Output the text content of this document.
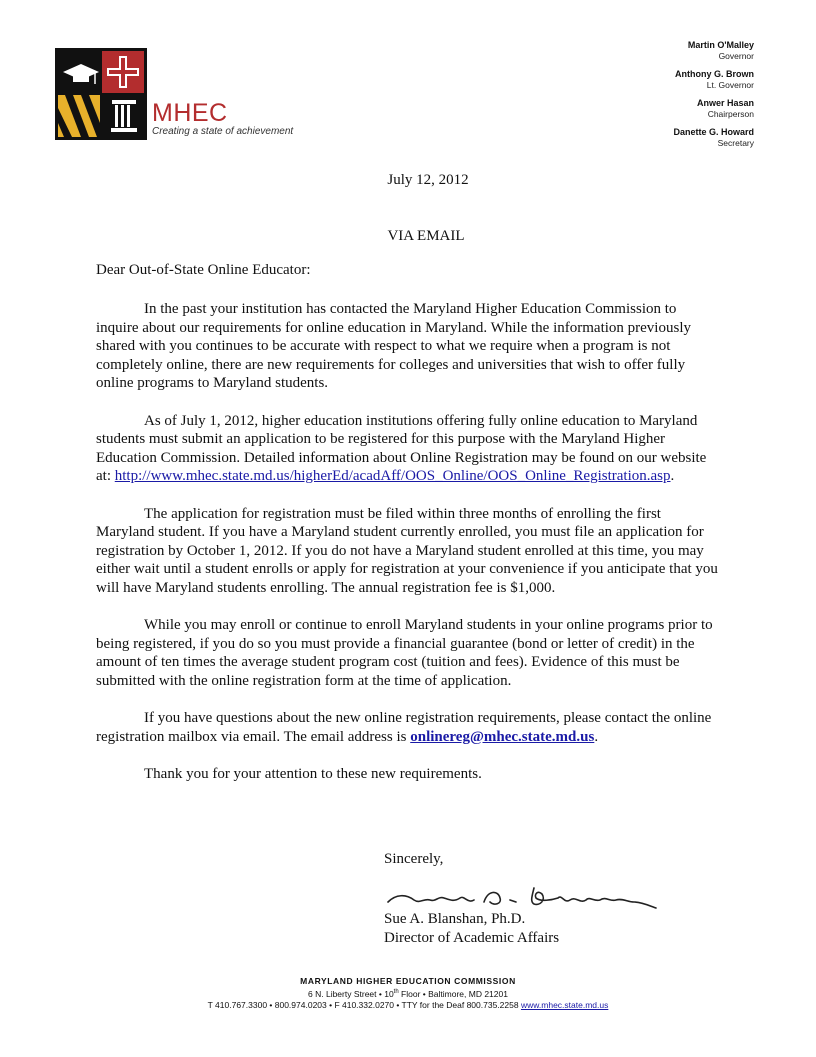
MHEC
Creating a state of achievement
Martin O'Malley
Governor
Anthony G. Brown
Lt. Governor
Anwer Hasan
Chairperson
Danette G. Howard
Secretary
July 12, 2012
VIA EMAIL
Dear Out-of-State Online Educator:

In the past your institution has contacted the Maryland Higher Education Commission to inquire about our requirements for online education in Maryland. While the information previously shared with you continues to be accurate with respect to what we require when a program is not completely online, there are new requirements for colleges and universities that wish to offer fully online programs to Maryland students.

As of July 1, 2012, higher education institutions offering fully online education to Maryland students must submit an application to be registered for this purpose with the Maryland Higher Education Commission. Detailed information about Online Registration may be found on our website at: http://www.mhec.state.md.us/higherEd/acadAff/OOS_Online/OOS_Online_Registration.asp.

The application for registration must be filed within three months of enrolling the first Maryland student. If you have a Maryland student currently enrolled, you must file an application for registration by October 1, 2012. If you do not have a Maryland student enrolled at this time, you may either wait until a student enrolls or apply for registration at your convenience if you anticipate that you will have Maryland students enrolling. The annual registration fee is $1,000.

While you may enroll or continue to enroll Maryland students in your online programs prior to being registered, if you do so you must provide a financial guarantee (bond or letter of credit) in the amount of ten times the average student program cost (tuition and fees). Evidence of this must be submitted with the online registration form at the time of application.

If you have questions about the new online registration requirements, please contact the online registration mailbox via email. The email address is onlinereg@mhec.state.md.us.

Thank you for your attention to these new requirements.

Sincerely,
Sue A. Blanshan, Ph.D.
Director of Academic Affairs
MARYLAND HIGHER EDUCATION COMMISSION
6 N. Liberty Street • 10th Floor • Baltimore, MD 21201
T 410.767.3300 • 800.974.0203 • F 410.332.0270 • TTY for the Deaf 800.735.2258 www.mhec.state.md.us
